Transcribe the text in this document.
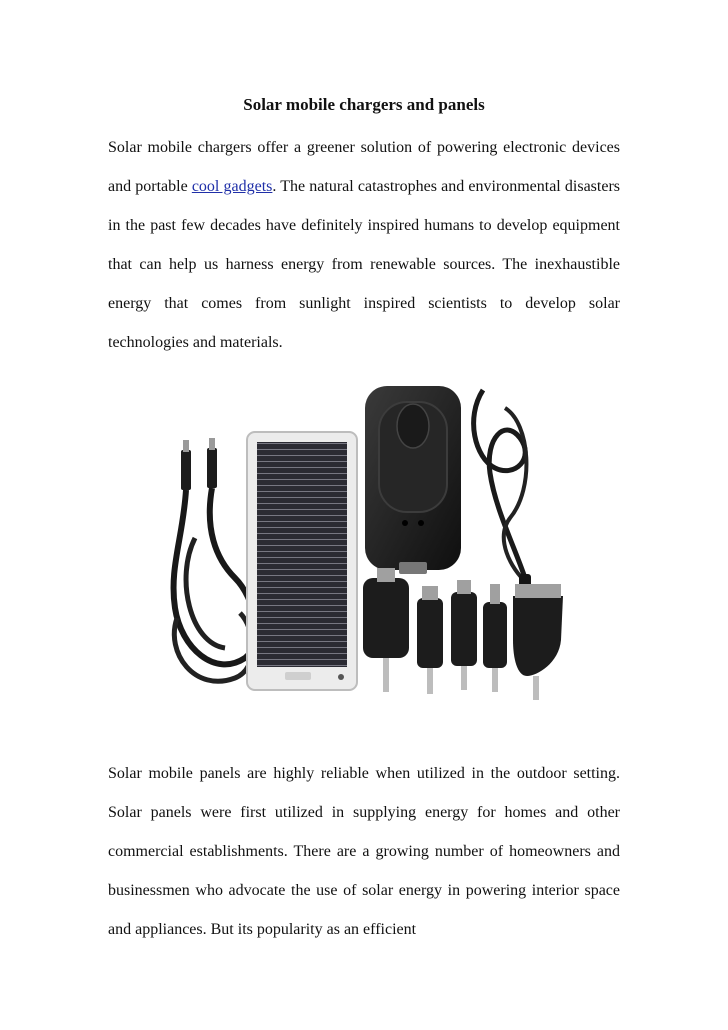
Solar mobile chargers and panels

Solar mobile chargers offer a greener solution of powering electronic devices and portable cool gadgets. The natural catastrophes and environmental disasters in the past few decades have definitely inspired humans to develop equipment that can help us harness energy from renewable sources. The inexhaustible energy that comes from sunlight inspired scientists to develop solar technologies and materials.

Solar mobile panels are highly reliable when utilized in the outdoor setting. Solar panels were first utilized in supplying energy for homes and other commercial establishments. There are a growing number of homeowners and businessmen who advocate the use of solar energy in powering interior space and appliances. But its popularity as an efficient
